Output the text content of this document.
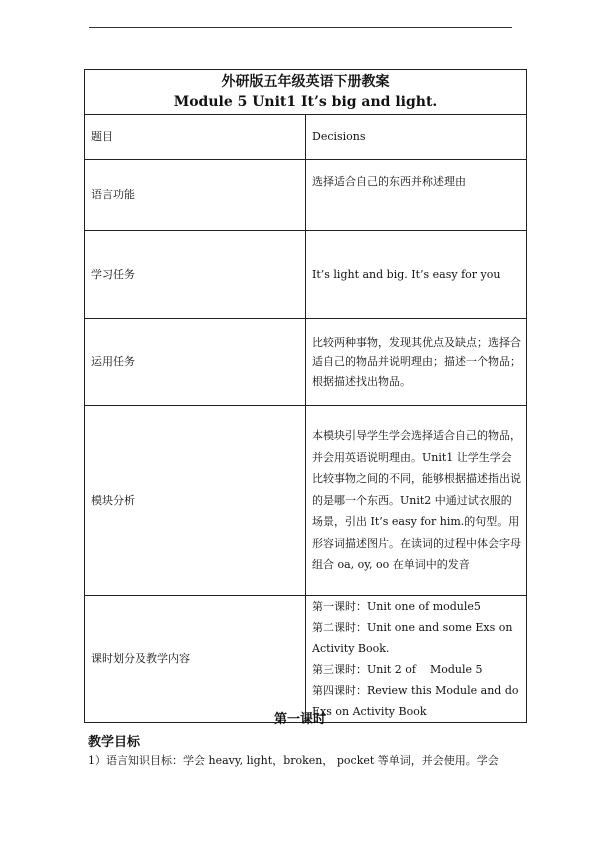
外研版五年级英语下册教案
Module 5 Unit1 It’s big and light.	

题目	Decisions
语言功能	选择适合自己的东西并称述理由
学习任务	It’s light and big. It’s easy for you
运用任务	比较两种事物，发现其优点及缺点；选择合适自己的物品并说明理由；描述一个物品；根据描述找出物品。
模块分析	本模块引导学生学会选择适合自己的物品，并会用英语说明理由。Unit1 让学生学会比较事物之间的不同，能够根据描述指出说的是哪一个东西。Unit2 中通过试衣服的场景，引出 It’s easy for him.的句型。用形容词描述图片。在读词的过程中体会字母组合 oa, oy, oo 在单词中的发音
课时划分及教学内容	第一课时：Unit one of module5
第二课时：Unit one and some Exs on Activity Book.
第三课时：Unit 2 of    Module 5
第四课时：Review this Module and do Exs on Activity Book
第一课时
教学目标
1）语言知识目标：学会 heavy, light，broken， pocket 等单词，并会使用。学会
